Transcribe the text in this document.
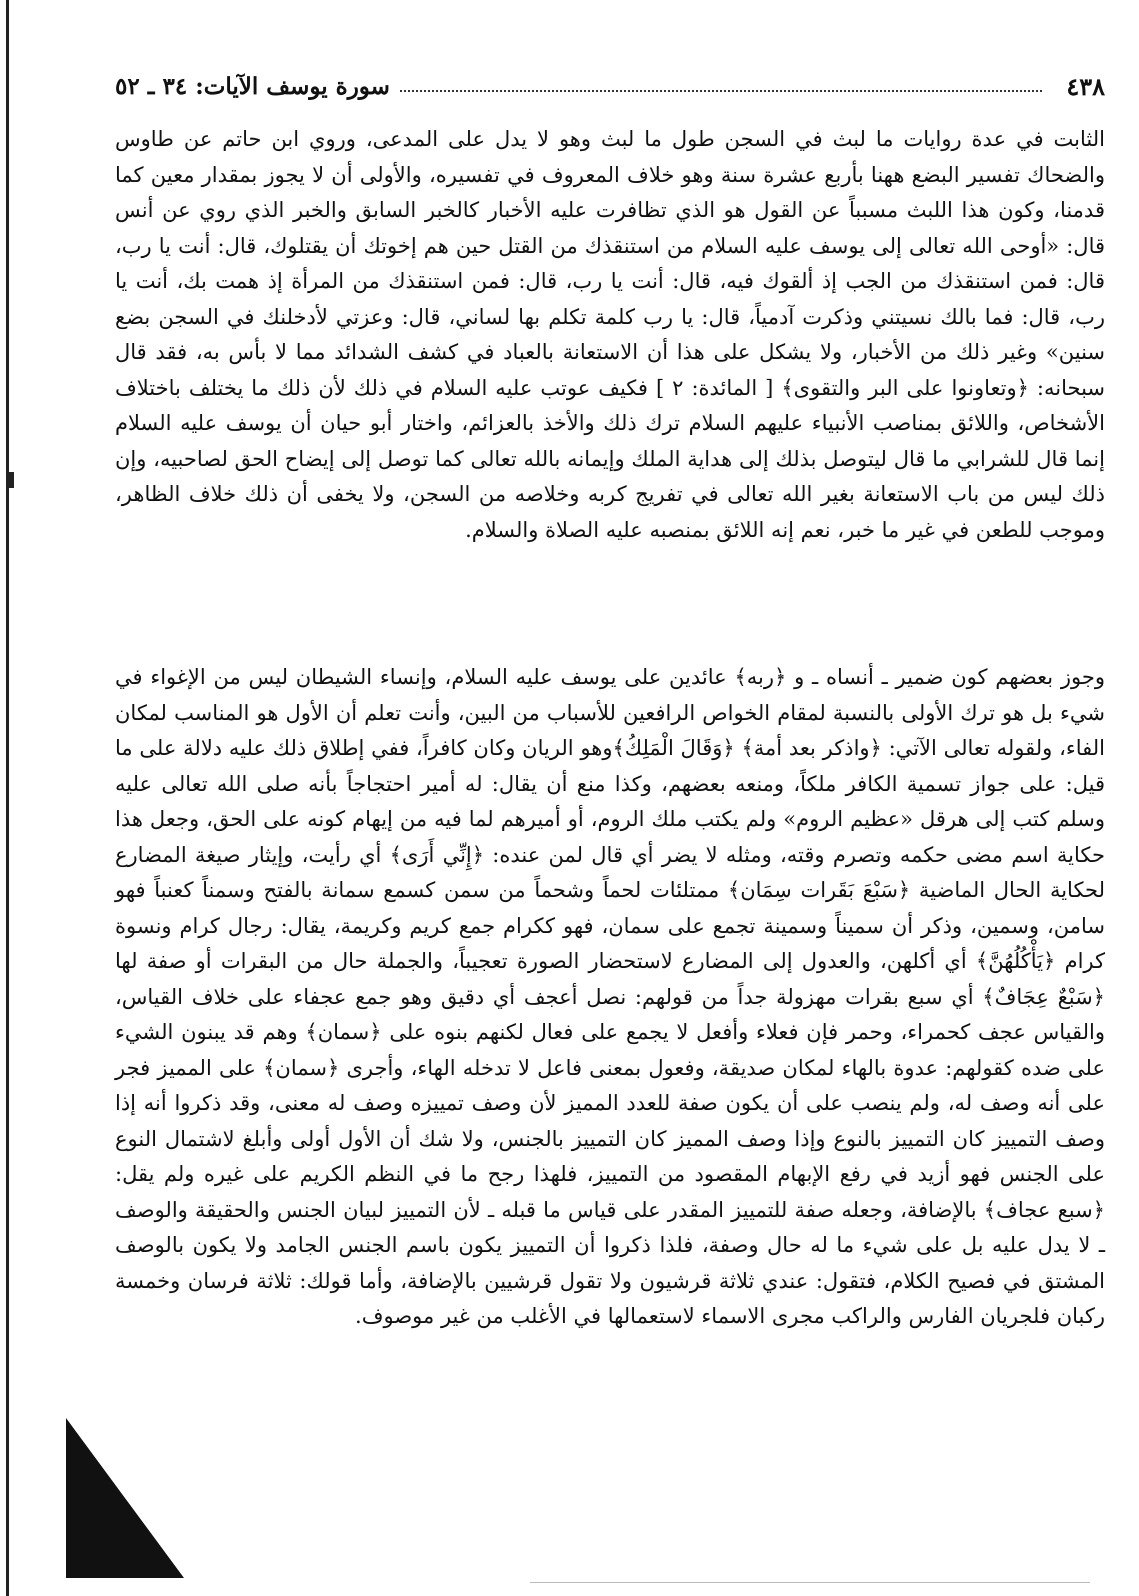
٤٣٨
سورة يوسف الآيات: ٣٤ ـ ٥٢

الثابت في عدة روايات ما لبث في السجن طول ما لبث وهو لا يدل على المدعى، وروي ابن حاتم عن طاوس والضحاك تفسير البضع ههنا بأربع عشرة سنة وهو خلاف المعروف في تفسيره، والأولى أن لا يجوز بمقدار معين كما قدمنا، وكون هذا اللبث مسبباً عن القول هو الذي تظافرت عليه الأخبار كالخبر السابق والخبر الذي روي عن أنس قال: «أوحى الله تعالى إلى يوسف عليه السلام من استنقذك من القتل حين هم إخوتك أن يقتلوك، قال: أنت يا رب، قال: فمن استنقذك من الجب إذ ألقوك فيه، قال: أنت يا رب، قال: فمن استنقذك من المرأة إذ همت بك، أنت يا رب، قال: فما بالك نسيتني وذكرت آدمياً، قال: يا رب كلمة تكلم بها لساني، قال: وعزتي لأدخلنك في السجن بضع سنين» وغير ذلك من الأخبار، ولا يشكل على هذا أن الاستعانة بالعباد في كشف الشدائد مما لا بأس به، فقد قال سبحانه: ﴿وتعاونوا على البر والتقوى﴾ [ المائدة: ٢ ] فكيف عوتب عليه السلام في ذلك لأن ذلك ما يختلف باختلاف الأشخاص، واللائق بمناصب الأنبياء عليهم السلام ترك ذلك والأخذ بالعزائم، واختار أبو حيان أن يوسف عليه السلام إنما قال للشرابي ما قال ليتوصل بذلك إلى هداية الملك وإيمانه بالله تعالى كما توصل إلى إيضاح الحق لصاحبيه، وإن ذلك ليس من باب الاستعانة بغير الله تعالى في تفريج كربه وخلاصه من السجن، ولا يخفى أن ذلك خلاف الظاهر، وموجب للطعن في غير ما خبر، نعم إنه اللائق بمنصبه عليه الصلاة والسلام.

وجوز بعضهم كون ضمير ـ أنساه ـ و ﴿ربه﴾ عائدين على يوسف عليه السلام، وإنساء الشيطان ليس من الإغواء في شيء بل هو ترك الأولى بالنسبة لمقام الخواص الرافعين للأسباب من البين، وأنت تعلم أن الأول هو المناسب لمكان الفاء، ولقوله تعالى الآتي: ﴿واذكر بعد أمة﴾ ﴿وَقَالَ الْمَلِكُ﴾وهو الريان وكان كافراً، ففي إطلاق ذلك عليه دلالة على ما قيل: على جواز تسمية الكافر ملكاً، ومنعه بعضهم، وكذا منع أن يقال: له أمير احتجاجاً بأنه صلى الله تعالى عليه وسلم كتب إلى هرقل «عظيم الروم» ولم يكتب ملك الروم، أو أميرهم لما فيه من إيهام كونه على الحق، وجعل هذا حكاية اسم مضى حكمه وتصرم وقته، ومثله لا يضر أي قال لمن عنده: ﴿إِنِّي أَرَى﴾ أي رأيت، وإيثار صيغة المضارع لحكاية الحال الماضية ﴿سَبْعَ بَقَرات سِمَان﴾ ممتلئات لحماً وشحماً من سمن كسمع سمانة بالفتح وسمناً كعنباً فهو سامن، وسمين، وذكر أن سميناً وسمينة تجمع على سمان، فهو ككرام جمع كريم وكريمة، يقال: رجال كرام ونسوة كرام ﴿يَأْكُلُهُنَّ﴾ أي أكلهن، والعدول إلى المضارع لاستحضار الصورة تعجيباً، والجملة حال من البقرات أو صفة لها ﴿سَبْعٌ عِجَافٌ﴾ أي سبع بقرات مهزولة جداً من قولهم: نصل أعجف أي دقيق وهو جمع عجفاء على خلاف القياس، والقياس عجف كحمراء، وحمر فإن فعلاء وأفعل لا يجمع على فعال لكنهم بنوه على ﴿سمان﴾ وهم قد يبنون الشيء على ضده كقولهم: عدوة بالهاء لمكان صديقة، وفعول بمعنى فاعل لا تدخله الهاء، وأجرى ﴿سمان﴾ على المميز فجر على أنه وصف له، ولم ينصب على أن يكون صفة للعدد المميز لأن وصف تمييزه وصف له معنى، وقد ذكروا أنه إذا وصف التمييز كان التمييز بالنوع وإذا وصف المميز كان التمييز بالجنس، ولا شك أن الأول أولى وأبلغ لاشتمال النوع على الجنس فهو أزيد في رفع الإبهام المقصود من التمييز، فلهذا رجح ما في النظم الكريم على غيره ولم يقل: ﴿سبع عجاف﴾ بالإضافة، وجعله صفة للتمييز المقدر على قياس ما قبله ـ لأن التمييز لبيان الجنس والحقيقة والوصف ـ لا يدل عليه بل على شيء ما له حال وصفة، فلذا ذكروا أن التمييز يكون باسم الجنس الجامد ولا يكون بالوصف المشتق في فصيح الكلام، فتقول: عندي ثلاثة قرشيون ولا تقول قرشيين بالإضافة، وأما قولك: ثلاثة فرسان وخمسة ركبان فلجريان الفارس والراكب مجرى الاسماء لاستعمالها في الأغلب من غير موصوف.
